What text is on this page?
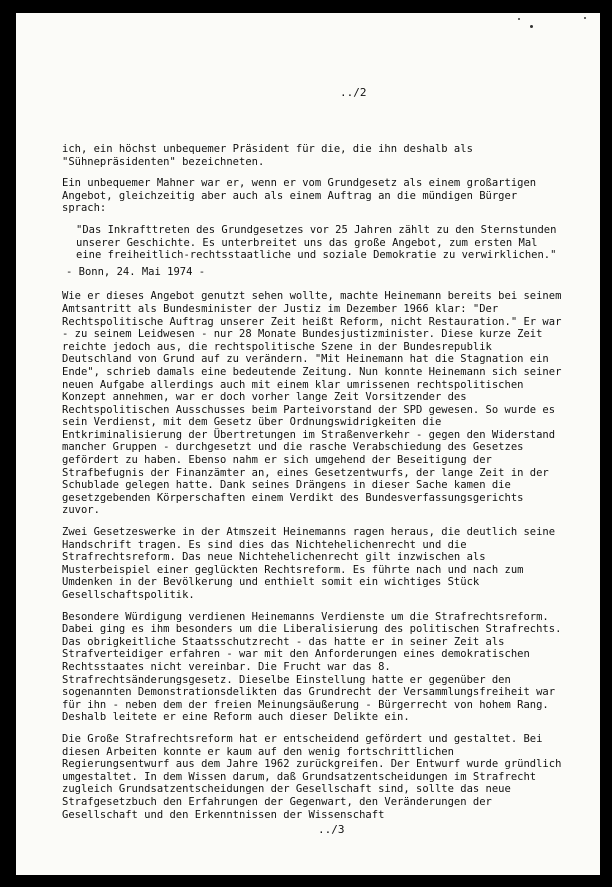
../2

ich, ein höchst unbequemer Präsident für die, die ihn deshalb als "Sühnepräsidenten" bezeichneten.

Ein unbequemer Mahner war er, wenn er vom Grundgesetz als einem großartigen Angebot, gleichzeitig aber auch als einem Auftrag an die mündigen Bürger sprach:

"Das Inkrafttreten des Grundgesetzes vor 25 Jahren zählt zu den Sternstunden unserer Geschichte. Es unterbreitet uns das große Angebot, zum ersten Mal eine freiheitlich-rechtsstaatliche und soziale Demokratie zu verwirklichen."

- Bonn, 24. Mai 1974 -

Wie er dieses Angebot genutzt sehen wollte, machte Heinemann bereits bei seinem Amtsantritt als Bundesminister der Justiz im Dezember 1966 klar: "Der Rechtspolitische Auftrag unserer Zeit heißt Reform, nicht Restauration." Er war - zu seinem Leidwesen - nur 28 Monate Bundesjustizminister. Diese kurze Zeit reichte jedoch aus, die rechtspolitische Szene in der Bundesrepublik Deutschland von Grund auf zu verändern. "Mit Heinemann hat die Stagnation ein Ende", schrieb damals eine bedeutende Zeitung. Nun konnte Heinemann sich seiner neuen Aufgabe allerdings auch mit einem klar umrissenen rechtspolitischen Konzept annehmen, war er doch vorher lange Zeit Vorsitzender des Rechtspolitischen Ausschusses beim Parteivorstand der SPD gewesen. So wurde es sein Verdienst, mit dem Gesetz über Ordnungswidrigkeiten die Entkriminalisierung der Übertretungen im Straßenverkehr - gegen den Widerstand mancher Gruppen - durchgesetzt und die rasche Verabschiedung des Gesetzes gefördert zu haben. Ebenso nahm er sich umgehend der Beseitigung der Strafbefugnis der Finanzämter an, eines Gesetzentwurfs, der lange Zeit in der Schublade gelegen hatte. Dank seines Drängens in dieser Sache kamen die gesetzgebenden Körperschaften einem Verdikt des Bundesverfassungsgerichts zuvor.

Zwei Gesetzeswerke in der Atmszeit Heinemanns ragen heraus, die deutlich seine Handschrift tragen. Es sind dies das Nichtehelichenrecht und die Strafrechtsreform. Das neue Nichtehelichenrecht gilt inzwischen als Musterbeispiel einer geglückten Rechtsreform. Es führte nach und nach zum Umdenken in der Bevölkerung und enthielt somit ein wichtiges Stück Gesellschaftspolitik.

Besondere Würdigung verdienen Heinemanns Verdienste um die Strafrechtsreform. Dabei ging es ihm besonders um die Liberalisierung des politischen Strafrechts. Das obrigkeitliche Staatsschutzrecht - das hatte er in seiner Zeit als Strafverteidiger erfahren - war mit den Anforderungen eines demokratischen Rechtsstaates nicht vereinbar. Die Frucht war das 8. Strafrechtsänderungsgesetz. Dieselbe Einstellung hatte er gegenüber den sogenannten Demonstrationsdelikten das Grundrecht der Versammlungsfreiheit war für ihn - neben dem der freien Meinungsäußerung - Bürgerrecht von hohem Rang. Deshalb leitete er eine Reform auch dieser Delikte ein.

Die Große Strafrechtsreform hat er entscheidend gefördert und gestaltet. Bei diesen Arbeiten konnte er kaum auf den wenig fortschrittlichen Regierungsentwurf aus dem Jahre 1962 zurückgreifen. Der Entwurf wurde gründlich umgestaltet. In dem Wissen darum, daß Grundsatzentscheidungen im Strafrecht zugleich Grundsatzentscheidungen der Gesellschaft sind, sollte das neue Strafgesetzbuch den Erfahrungen der Gegenwart, den Veränderungen der Gesellschaft und den Erkenntnissen der Wissenschaft

../3
